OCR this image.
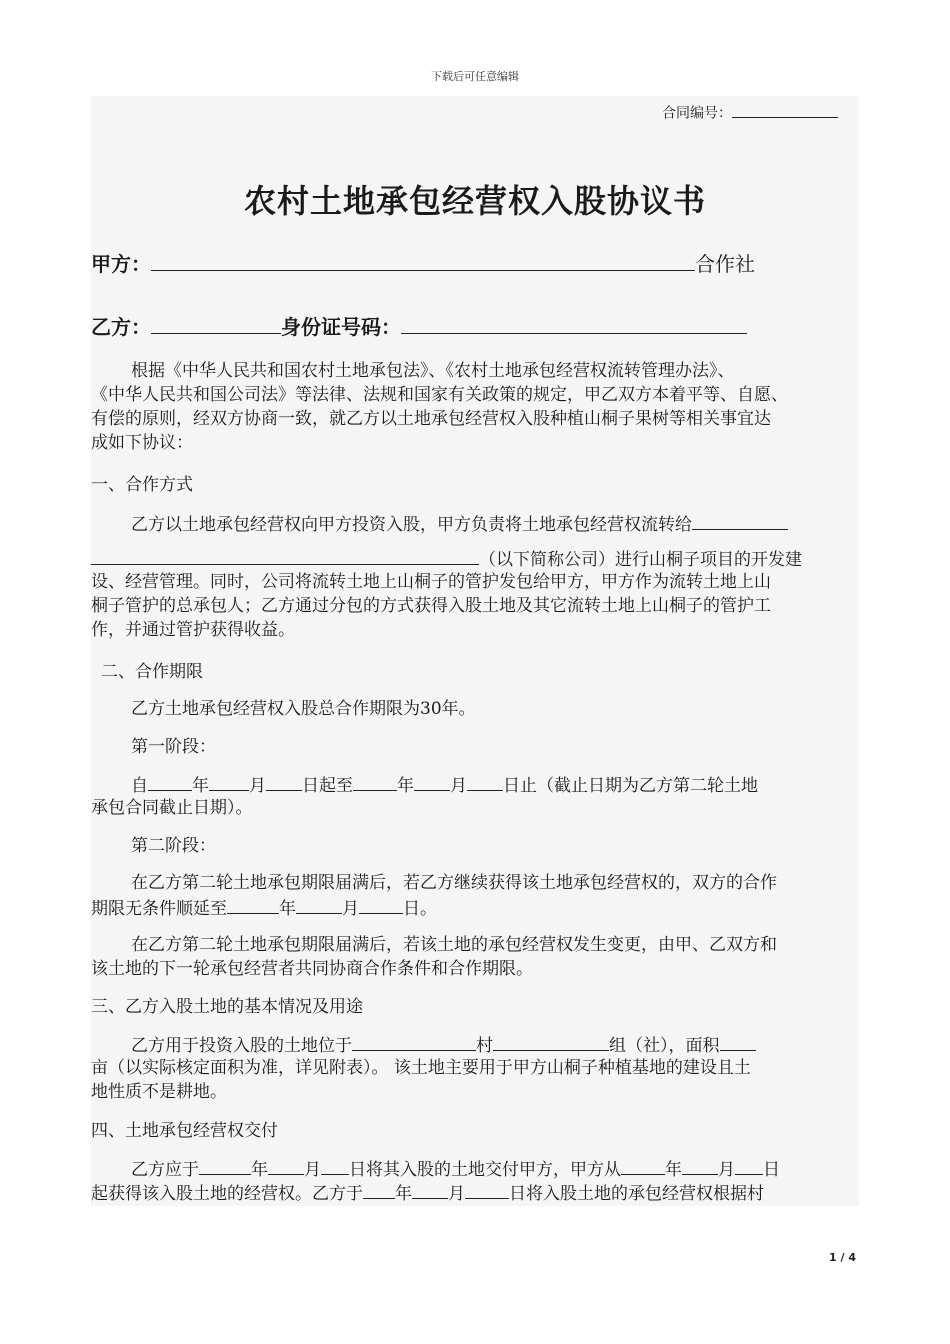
下载后可任意编辑
合同编号：
农村土地承包经营权入股协议书
甲方：	合作社
乙方：	身份证号码：
根据《中华人民共和国农村土地承包法》、《农村土地承包经营权流转管理办法》、
《中华人民共和国公司法》等法律、法规和国家有关政策的规定，甲乙双方本着平等、自愿、
有偿的原则，经双方协商一致，就乙方以土地承包经营权入股种植山桐子果树等相关事宜达
成如下协议：
一、合作方式
乙方以土地承包经营权向甲方投资入股，甲方负责将土地承包经营权流转给
（以下简称公司）进行山桐子项目的开发建
设、经营管理。同时，公司将流转土地上山桐子的管护发包给甲方，甲方作为流转土地上山
桐子管护的总承包人；乙方通过分包的方式获得入股土地及其它流转土地上山桐子的管护工
作，并通过管护获得收益。
二、合作期限
乙方土地承包经营权入股总合作期限为30年。
第一阶段：
自	年 月 日起至	年 月 日止（截止日期为乙方第二轮土地
承包合同截止日期）。
第二阶段：
在乙方第二轮土地承包期限届满后，若乙方继续获得该土地承包经营权的，双方的合作
期限无条件顺延至	年	月	日。
在乙方第二轮土地承包期限届满后，若该土地的承包经营权发生变更，由甲、乙双方和
该土地的下一轮承包经营者共同协商合作条件和合作期限。
三、乙方入股土地的基本情况及用途
乙方用于投资入股的土地位于	村	组（社），面积
亩（以实际核定面积为准，详见附表）。 该土地主要用于甲方山桐子种植基地的建设且土
地性质不是耕地。
四、土地承包经营权交付
乙方应于	年 月 日将其入股的土地交付甲方，甲方从	年 月 日
起获得该入股土地的经营权。乙方于 年 月	日将入股土地的承包经营权根据村
1 / 4
